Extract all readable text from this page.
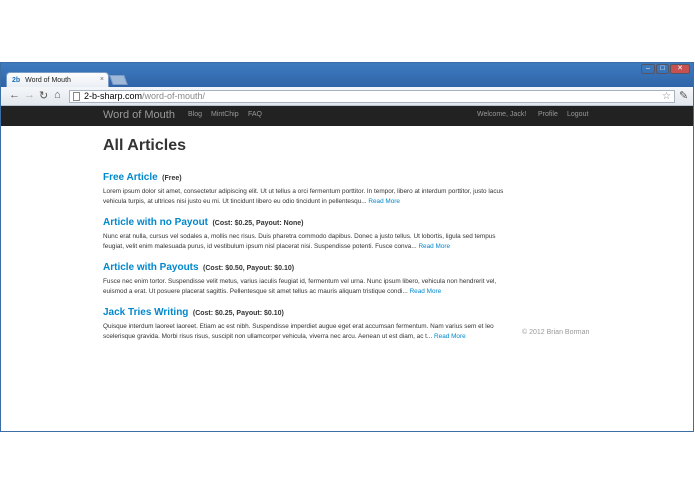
2b Word of Mouth	×
–	□	✕
← → ↻ ⌂	2-b-sharp.com/word-of-mouth/	☆ ✎
Word of Mouth Blog MintChip FAQ	Welcome, Jack! Profile Logout
All Articles
Free Article (Free)
Lorem ipsum dolor sit amet, consectetur adipiscing elit. Ut ut tellus a orci fermentum porttitor. In tempor, libero at interdum porttitor, justo lacus vehicula turpis, at ultrices nisi justo eu mi. Ut tincidunt libero eu odio tincidunt in pellentesqu... Read More
Article with no Payout (Cost: $0.25, Payout: None)
Nunc erat nulla, cursus vel sodales a, mollis nec risus. Duis pharetra commodo dapibus. Donec a justo tellus. Ut lobortis, ligula sed tempus feugiat, velit enim malesuada purus, id vestibulum ipsum nisl placerat nisi. Suspendisse potenti. Fusce conva... Read More
Article with Payouts (Cost: $0.50, Payout: $0.10)
Fusce nec enim tortor. Suspendisse velit metus, varius iaculis feugiat id, fermentum vel urna. Nunc ipsum libero, vehicula non hendrerit vel, euismod a erat. Ut posuere placerat sagittis. Pellentesque sit amet tellus ac mauris aliquam tristique condi... Read More
Jack Tries Writing (Cost: $0.25, Payout: $0.10)
Quisque interdum laoreet laoreet. Etiam ac est nibh. Suspendisse imperdiet augue eget erat accumsan fermentum. Nam varius sem et leo scelerisque gravida. Morbi risus risus, suscipit non ullamcorper vehicula, viverra nec arcu. Aenean ut est diam, ac t... Read More	© 2012 Brian Borman
